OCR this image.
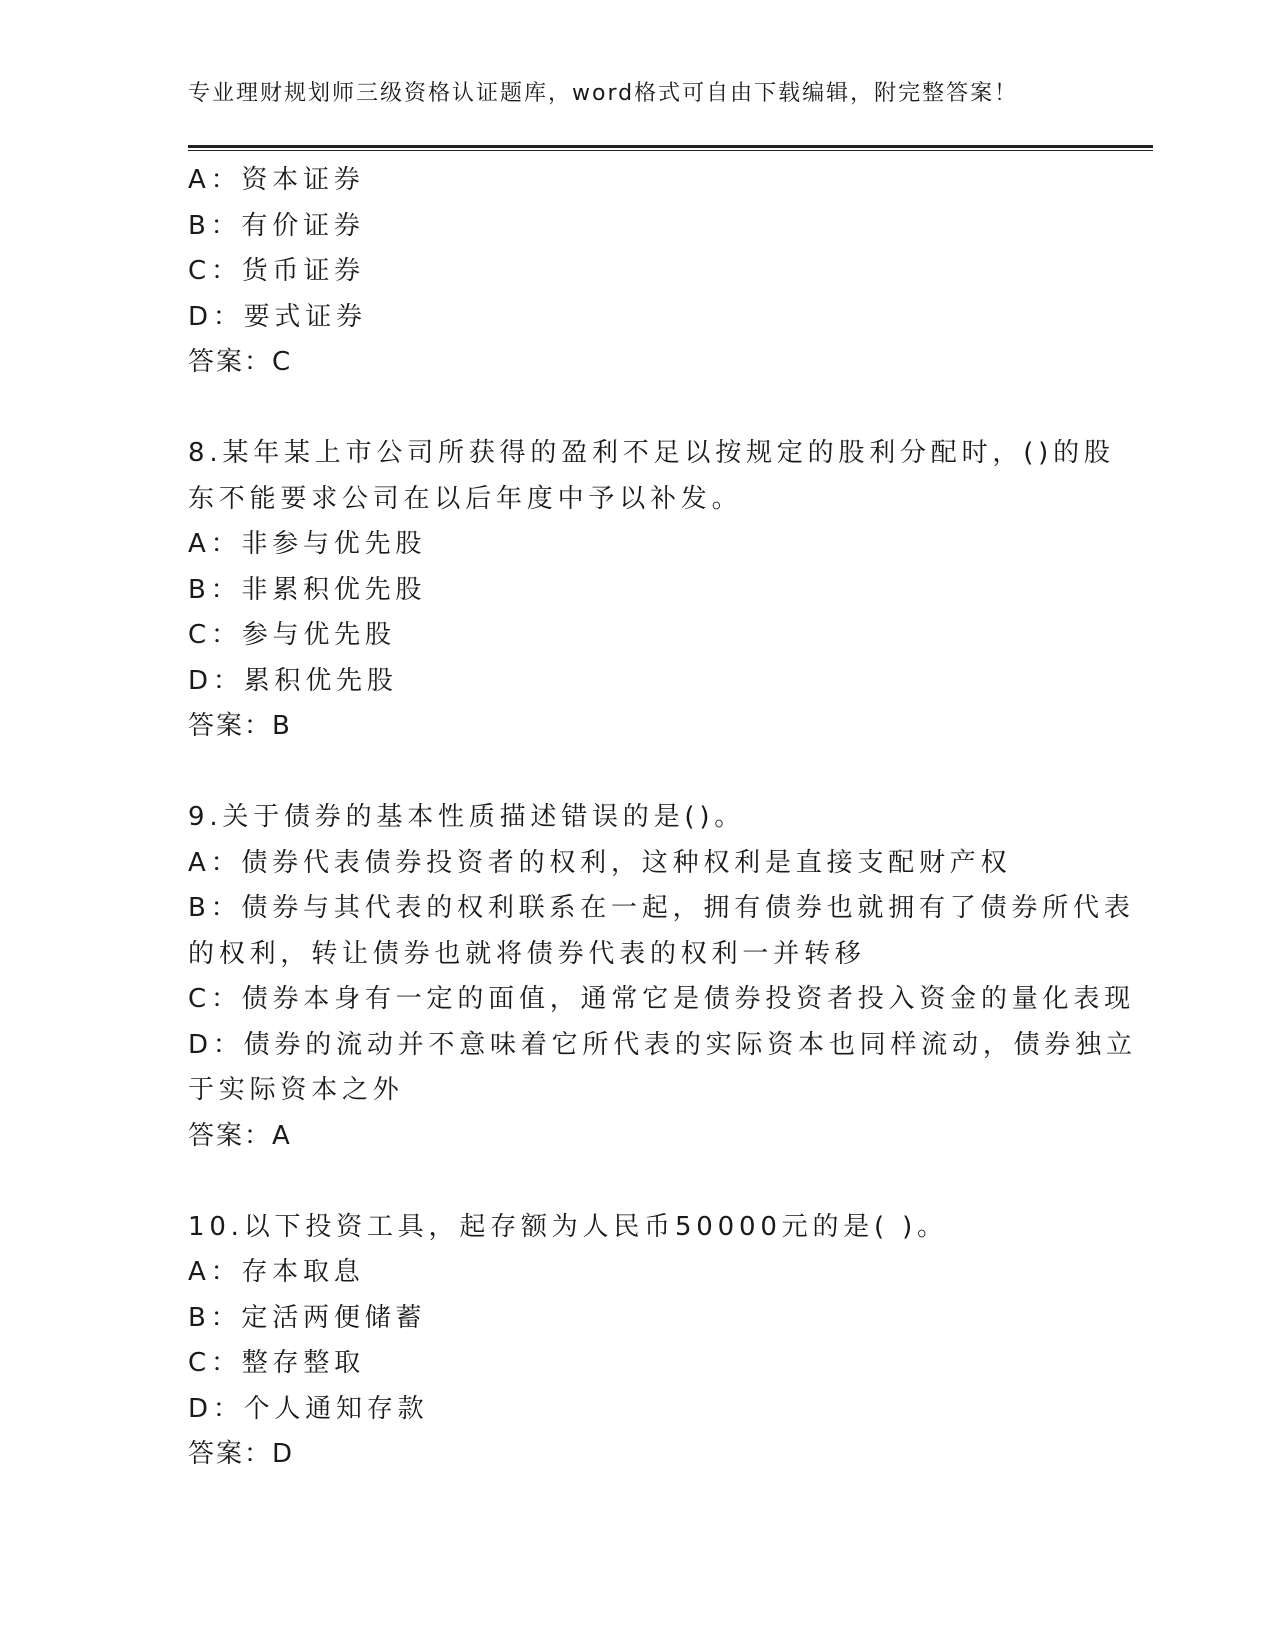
专业理财规划师三级资格认证题库，word格式可自由下载编辑，附完整答案！
A：资本证券
B：有价证券
C：货币证券
D：要式证券
答案：C
8.某年某上市公司所获得的盈利不足以按规定的股利分配时，()的股
东不能要求公司在以后年度中予以补发。
A：非参与优先股
B：非累积优先股
C：参与优先股
D：累积优先股
答案：B
9.关于债券的基本性质描述错误的是()。
A：债券代表债券投资者的权利，这种权利是直接支配财产权
B：债券与其代表的权利联系在一起，拥有债券也就拥有了债券所代表
的权利，转让债券也就将债券代表的权利一并转移
C：债券本身有一定的面值，通常它是债券投资者投入资金的量化表现
D：债券的流动并不意味着它所代表的实际资本也同样流动，债券独立
于实际资本之外
答案：A
10.以下投资工具，起存额为人民币50000元的是( )。
A：存本取息
B：定活两便储蓄
C：整存整取
D：个人通知存款
答案：D
